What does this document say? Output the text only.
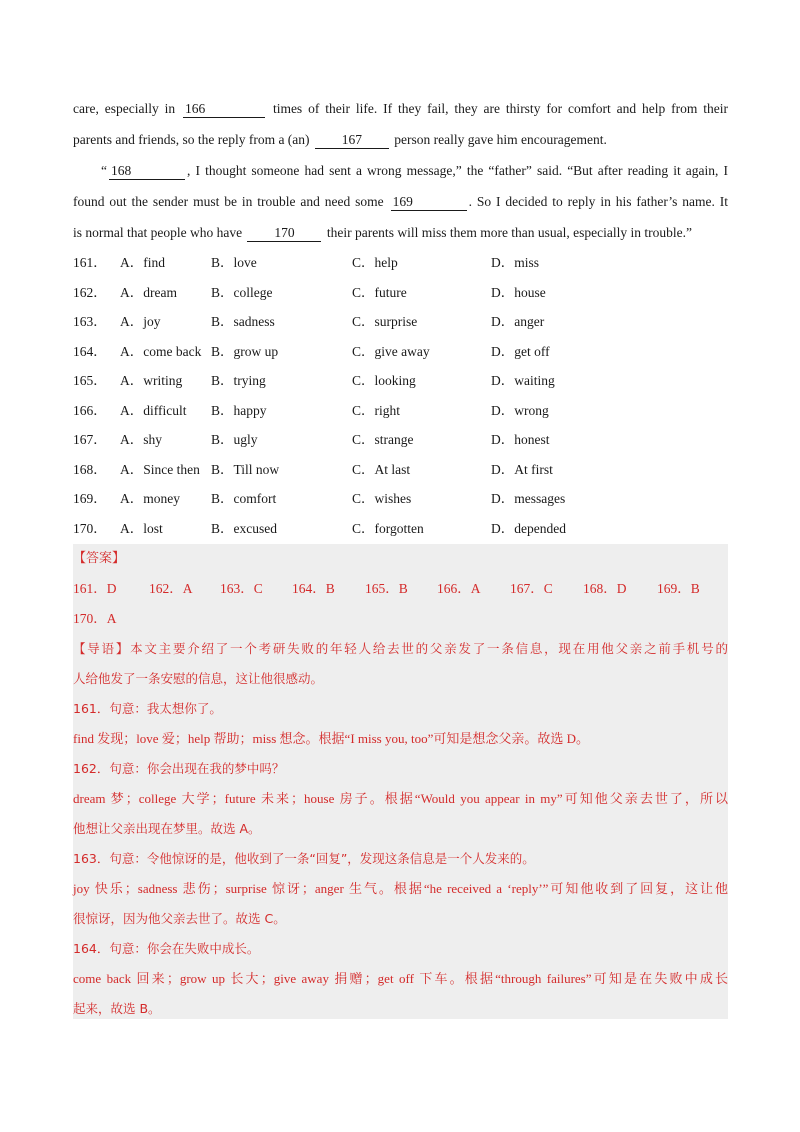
care, especially in 166	times of their life. If they fail, they are thirsty for comfort and help from their
parents and friends, so the reply from a (an) 167 person really gave him encouragement.
“ 168	, I thought someone had sent a wrong message,” the “father” said. “But after reading it again, I
found out the sender must be in trouble and need some 169	. So I decided to reply in his father’s name. It
is normal that people who have 170 their parents will miss them more than usual, especially in trouble.”
161． A．find	B．love	C．help	D．miss
162． A．dream	B．college	C．future	D．house
163． A．joy	B．sadness	C．surprise	D．anger
164． A．come back B．grow up	C．give away	D．get off
165． A．writing B．trying	C．looking	D．waiting
166． A．difficult B．happy	C．right	D．wrong
167． A．shy	B．ugly	C．strange	D．honest
168． A．Since then B．Till now	C．At last	D．At first
169． A．money B．comfort	C．wishes	D．messages
170． A．lost	B．excused	C．forgotten	D．depended
【答案】
161．D 162．A 163．C 164．B 165．B 166．A 167．C 168．D 169．B
170．A
【导语】本文主要介绍了一个考研失败的年轻人给去世的父亲发了一条信息，现在用他父亲之前手机号的
人给他发了一条安慰的信息，这让他很感动。
161．句意：我太想你了。
find 发现；love 爱；help 帮助；miss 想念。根据“I miss you, too”可知是想念父亲。故选 D。
162．句意：你会出现在我的梦中吗？
dream 梦；college 大学；future 未来；house 房子。根据“Would you appear in my”可知他父亲去世了，所以
他想让父亲出现在梦里。故选 A。
163．句意：令他惊讶的是，他收到了一条“回复”，发现这条信息是一个人发来的。
joy 快乐；sadness 悲伤；surprise 惊讶；anger 生气。根据“he received a ‘reply’”可知他收到了回复，这让他
很惊讶，因为他父亲去世了。故选 C。
164．句意：你会在失败中成长。
come back 回来；grow up 长大；give away 捐赠；get off 下车。根据“through failures”可知是在失败中成长
起来，故选 B。
